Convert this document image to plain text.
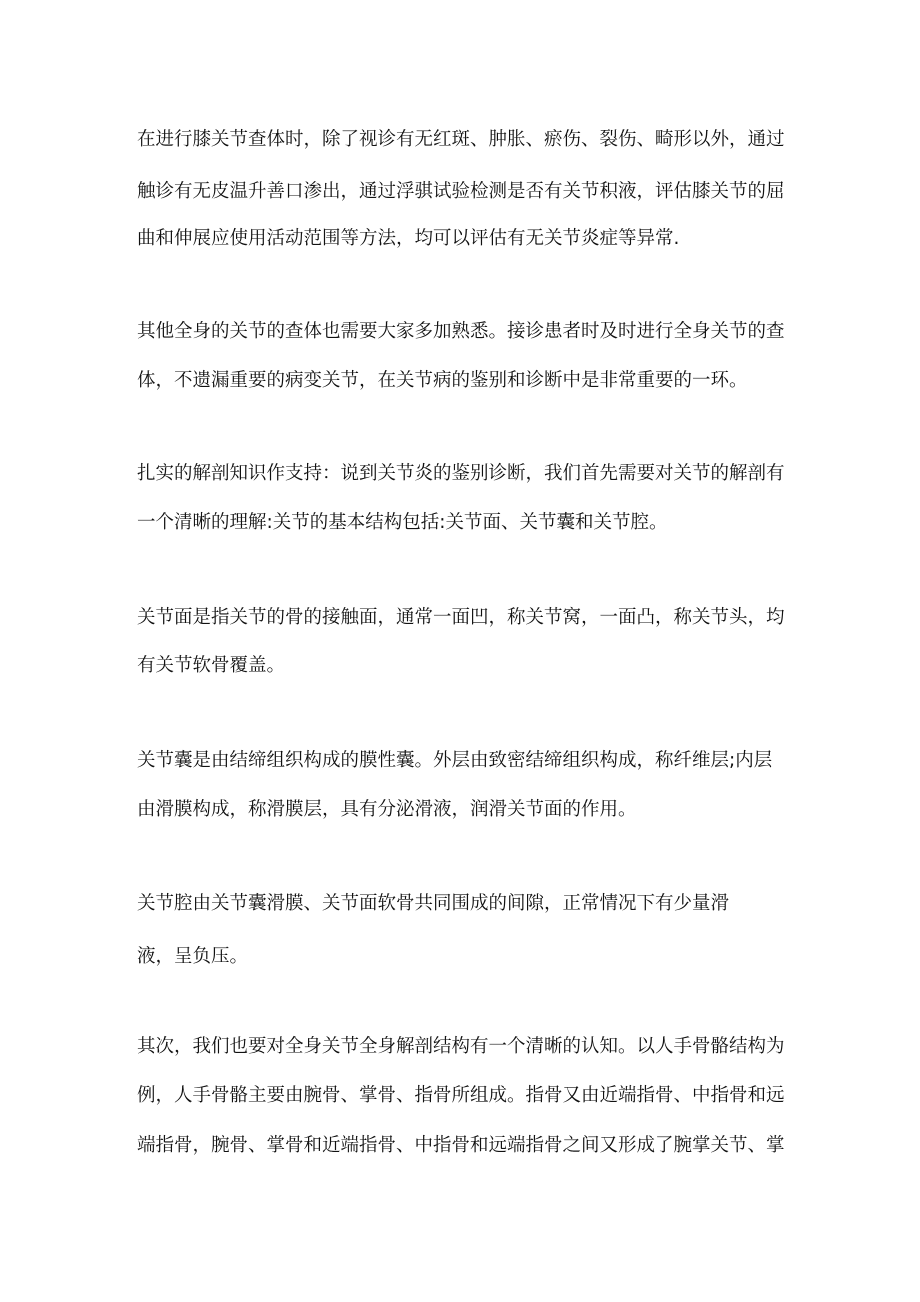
在进行膝关节查体时，除了视诊有无红斑、肿胀、瘀伤、裂伤、畸形以外，通过

触诊有无皮温升善口渗出，通过浮骐试验检测是否有关节积液，评估膝关节的屈

曲和伸展应使用活动范围等方法，均可以评估有无关节炎症等异常.

其他全身的关节的查体也需要大家多加熟悉。接诊患者时及时进行全身关节的查

体，不遗漏重要的病变关节，在关节病的鉴别和诊断中是非常重要的一环。

扎实的解剖知识作支持：说到关节炎的鉴别诊断，我们首先需要对关节的解剖有

一个清晰的理解:关节的基本结构包括:关节面、关节囊和关节腔。

关节面是指关节的骨的接触面，通常一面凹，称关节窝，一面凸，称关节头，均

有关节软骨覆盖。

关节囊是由结缔组织构成的膜性囊。外层由致密结缔组织构成，称纤维层;内层

由滑膜构成，称滑膜层，具有分泌滑液，润滑关节面的作用。

关节腔由关节囊滑膜、关节面软骨共同围成的间隙，正常情况下有少量滑

液，呈负压。

其次，我们也要对全身关节全身解剖结构有一个清晰的认知。以人手骨骼结构为

例，人手骨骼主要由腕骨、掌骨、指骨所组成。指骨又由近端指骨、中指骨和远

端指骨，腕骨、掌骨和近端指骨、中指骨和远端指骨之间又形成了腕掌关节、掌
